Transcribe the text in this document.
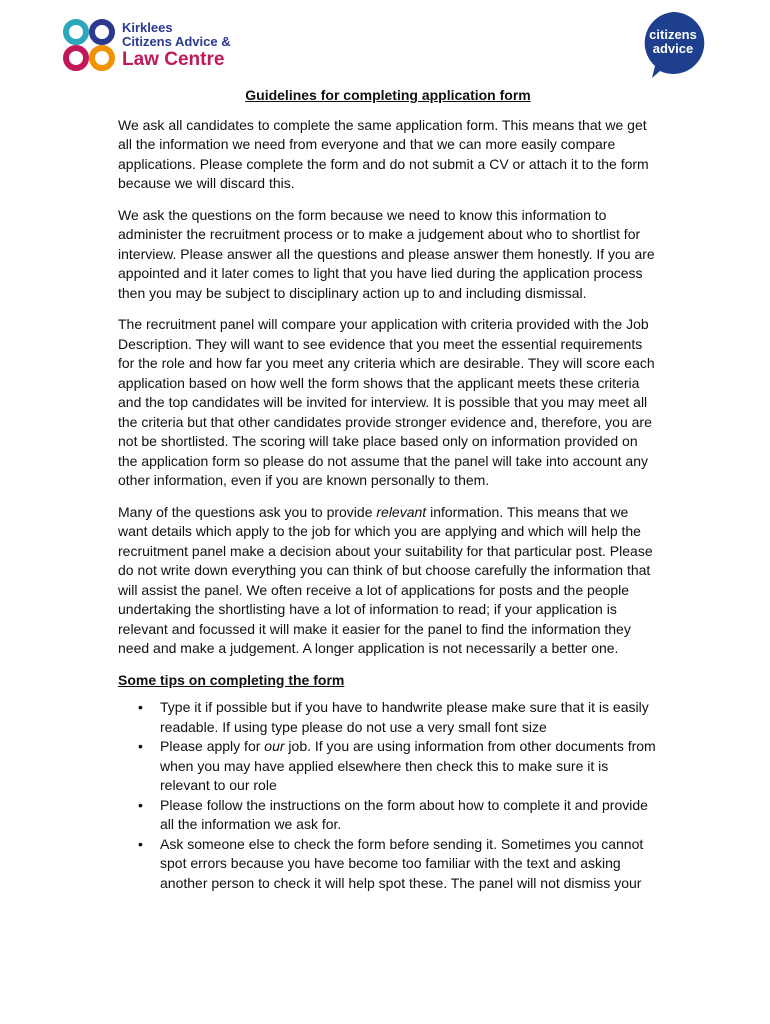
Kirklees
Citizens Advice &
Law Centre
citizens
advice

Guidelines for completing application form

We ask all candidates to complete the same application form. This means that we get all the information we need from everyone and that we can more easily compare applications. Please complete the form and do not submit a CV or attach it to the form because we will discard this.

We ask the questions on the form because we need to know this information to administer the recruitment process or to make a judgement about who to shortlist for interview. Please answer all the questions and please answer them honestly. If you are appointed and it later comes to light that you have lied during the application process then you may be subject to disciplinary action up to and including dismissal.

The recruitment panel will compare your application with criteria provided with the Job Description. They will want to see evidence that you meet the essential requirements for the role and how far you meet any criteria which are desirable. They will score each application based on how well the form shows that the applicant meets these criteria and the top candidates will be invited for interview. It is possible that you may meet all the criteria but that other candidates provide stronger evidence and, therefore, you are not be shortlisted. The scoring will take place based only on information provided on the application form so please do not assume that the panel will take into account any other information, even if you are known personally to them.

Many of the questions ask you to provide relevant information. This means that we want details which apply to the job for which you are applying and which will help the recruitment panel make a decision about your suitability for that particular post. Please do not write down everything you can think of but choose carefully the information that will assist the panel. We often receive a lot of applications for posts and the people undertaking the shortlisting have a lot of information to read; if your application is relevant and focussed it will make it easier for the panel to find the information they need and make a judgement. A longer application is not necessarily a better one.

Some tips on completing the form

• Type it if possible but if you have to handwrite please make sure that it is easily readable. If using type please do not use a very small font size
• Please apply for our job. If you are using information from other documents from when you may have applied elsewhere then check this to make sure it is relevant to our role
• Please follow the instructions on the form about how to complete it and provide all the information we ask for.
• Ask someone else to check the form before sending it. Sometimes you cannot spot errors because you have become too familiar with the text and asking another person to check it will help spot these. The panel will not dismiss your
